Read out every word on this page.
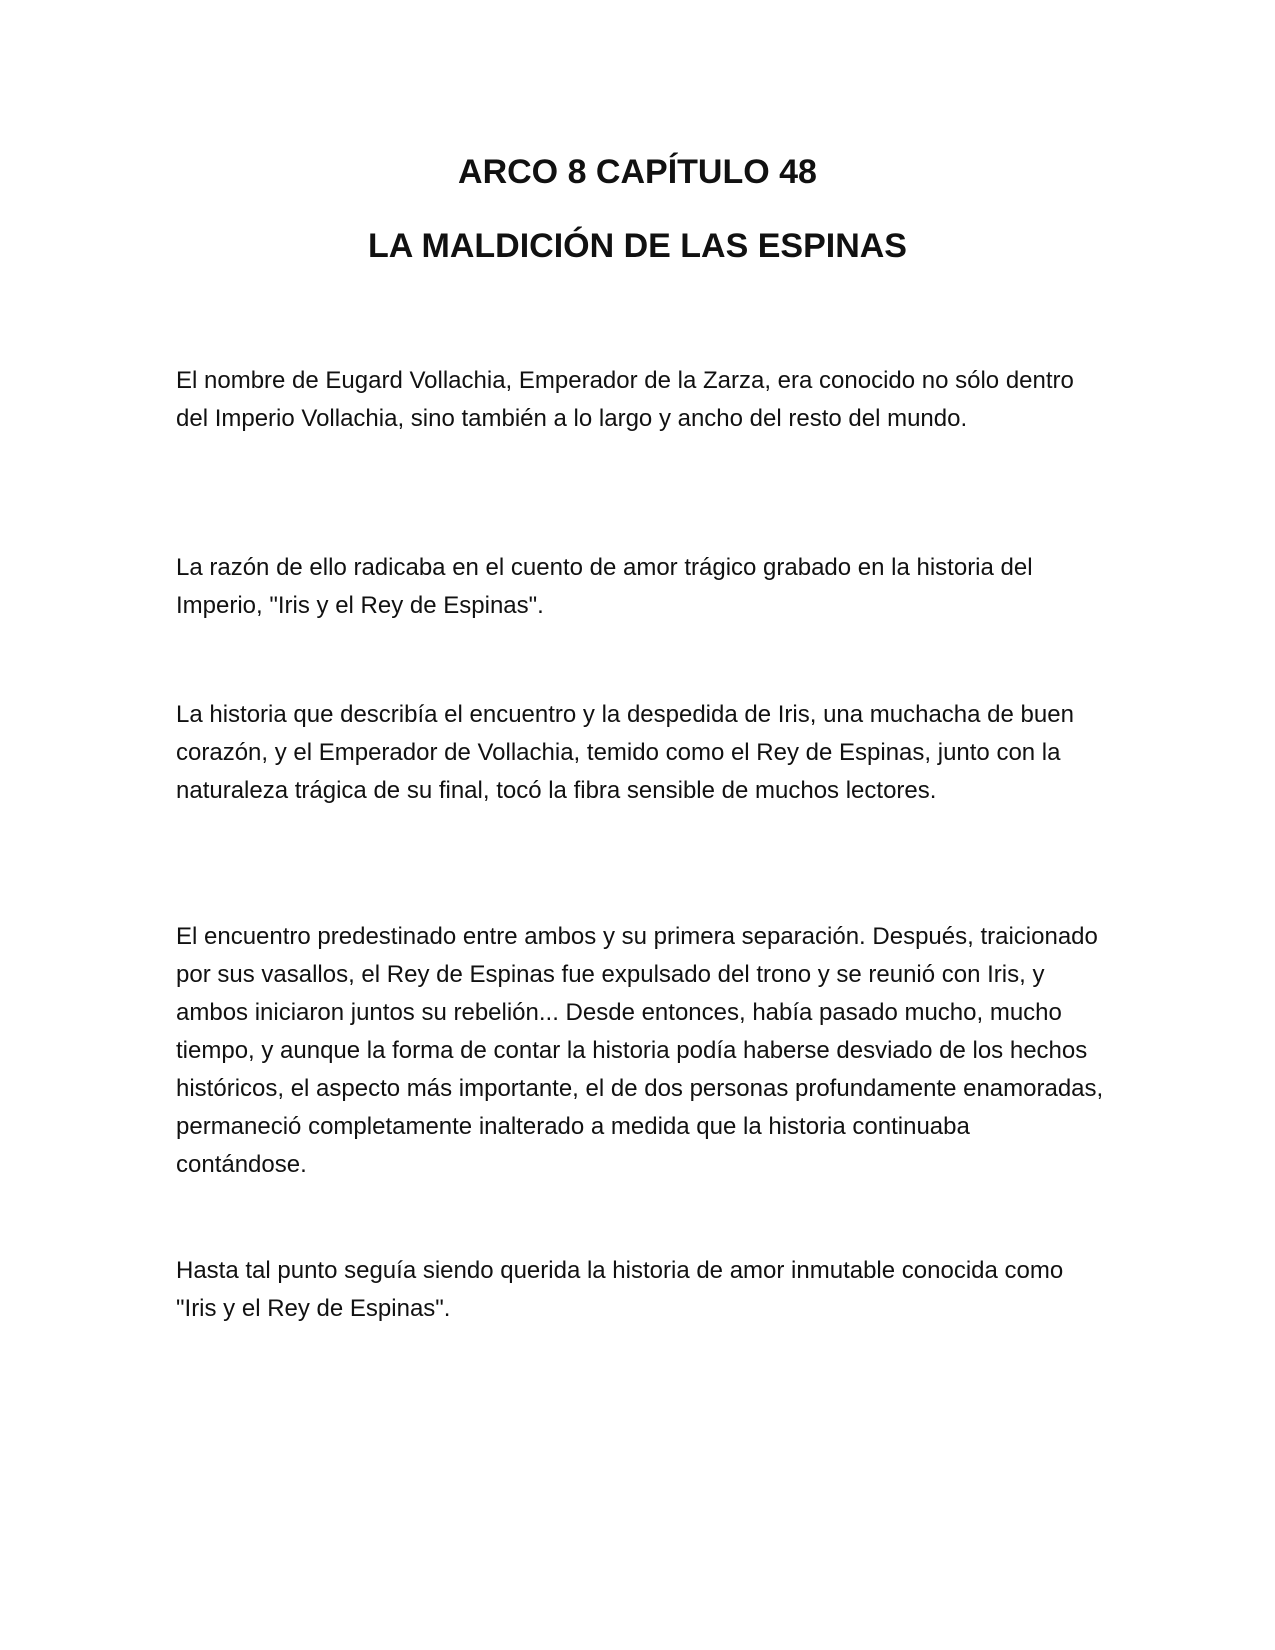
ARCO 8 CAPÍTULO 48
LA MALDICIÓN DE LAS ESPINAS

El nombre de Eugard Vollachia, Emperador de la Zarza, era conocido no sólo dentro del Imperio Vollachia, sino también a lo largo y ancho del resto del mundo.

La razón de ello radicaba en el cuento de amor trágico grabado en la historia del Imperio, "Iris y el Rey de Espinas".

La historia que describía el encuentro y la despedida de Iris, una muchacha de buen corazón, y el Emperador de Vollachia, temido como el Rey de Espinas, junto con la naturaleza trágica de su final, tocó la fibra sensible de muchos lectores.

El encuentro predestinado entre ambos y su primera separación. Después, traicionado por sus vasallos, el Rey de Espinas fue expulsado del trono y se reunió con Iris, y ambos iniciaron juntos su rebelión... Desde entonces, había pasado mucho, mucho tiempo, y aunque la forma de contar la historia podía haberse desviado de los hechos históricos, el aspecto más importante, el de dos personas profundamente enamoradas, permaneció completamente inalterado a medida que la historia continuaba contándose.

Hasta tal punto seguía siendo querida la historia de amor inmutable conocida como "Iris y el Rey de Espinas".
